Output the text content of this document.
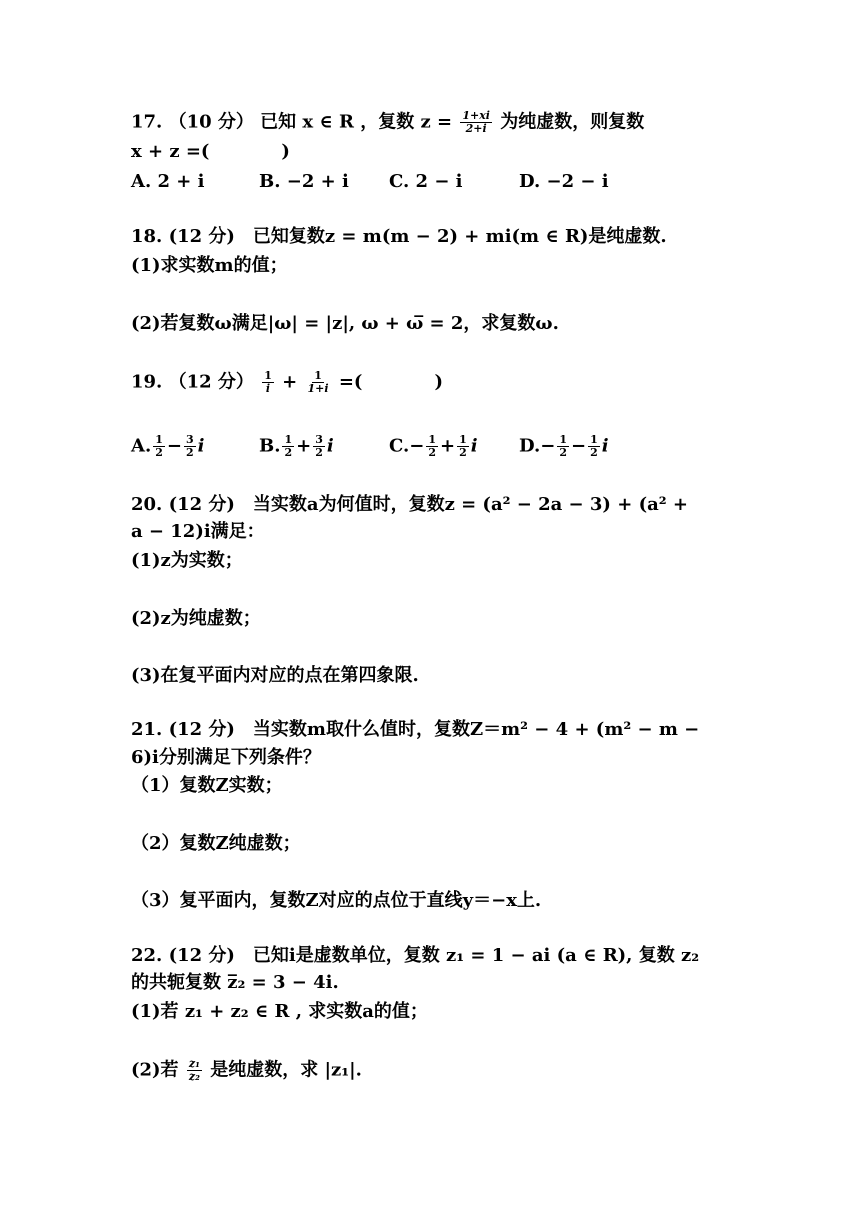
17. （10 分） 已知 x ∈ R ，复数 $z = \frac{1+xi}{2+i}$ 为纯虚数，则复数
x + z =(　　　　)
A. 2 + i	B. −2 + i C. 2 − i	D. −2 − i
18. (12 分)　已知复数z = m(m − 2) + mi(m ∈ R)是纯虚数.
(1)求实数m的值；
(2)若复数ω满足|ω| = |z|, ω + ω̅ = 2，求复数ω.
19. （12 分） $\frac{1}{i} + \frac{1}{1+i}$ =(　　　　)
A. $\frac{1}{2} - \frac{3}{2}$ i	B. $\frac{1}{2} + \frac{3}{2}$ i	$C.- \frac{1}{2} + \frac{1}{2}$ i $D.- \frac{1}{2} - \frac{1}{2}$ i
20. (12 分)　当实数a为何值时，复数z = (a² − 2a − 3) + (a² +
a − 12)i满足：
(1)z为实数；
(2)z为纯虚数；
(3)在复平面内对应的点在第四象限.
21. (12 分)　当实数m取什么值时，复数Z＝m² − 4 + (m² − m −
6)i分别满足下列条件？
（1）复数Z实数；
（2）复数Z纯虚数；
（3）复平面内，复数Z对应的点位于直线y＝−x上.
22. (12 分)　已知i是虚数单位，复数 z₁ = 1 − ai (a ∈ R), 复数 z₂
的共轭复数 z̅₂ = 3 − 4i.
(1)若 z₁ + z₂ ∈ R , 求实数a的值；
(2)若 $\frac{\text{z₁}}{\text{z₂}}$ 是纯虚数，求 |z₁|.
